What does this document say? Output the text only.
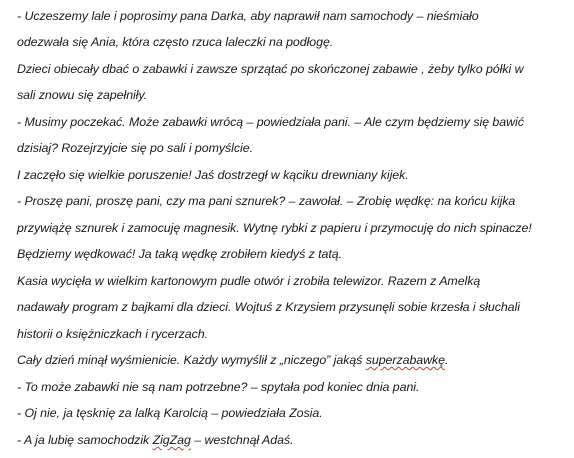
- Uczeszemy lale i poprosimy pana Darka, aby naprawił nam samochody – nieśmiało
odezwała się Ania, która często rzuca laleczki na podłogę.
Dzieci obiecały dbać o zabawki i zawsze sprzątać po skończonej zabawie , żeby tylko półki w
sali znowu się zapełniły.
- Musimy poczekać. Może zabawki wrócą – powiedziała pani. – Ale czym będziemy się bawić
dzisiaj? Rozejrzyjcie się po sali i pomyślcie.
I zaczęło się wielkie poruszenie! Jaś dostrzegł w kąciku drewniany kijek.
- Proszę pani, proszę pani, czy ma pani sznurek? – zawołał. – Zrobię wędkę: na końcu kijka
przywiążę sznurek i zamocuję magnesik. Wytnę rybki z papieru i przymocuję do nich spinacze!
Będziemy wędkować! Ja taką wędkę zrobiłem kiedyś z tatą.
Kasia wycięła w wielkim kartonowym pudle otwór i zrobiła telewizor. Razem z Amelką
nadawały program z bajkami dla dzieci. Wojtuś z Krzysiem przysunęli sobie krzesła i słuchali
historii o księżniczkach i rycerzach.
Cały dzień minął wyśmienicie. Każdy wymyślił z „niczego” jakąś superzabawkę.
- To może zabawki nie są nam potrzebne? – spytała pod koniec dnia pani.
- Oj nie, ja tęsknię za lalką Karolcią – powiedziała Zosia.
- A ja lubię samochodzik ZigZag – westchnął Adaś.
